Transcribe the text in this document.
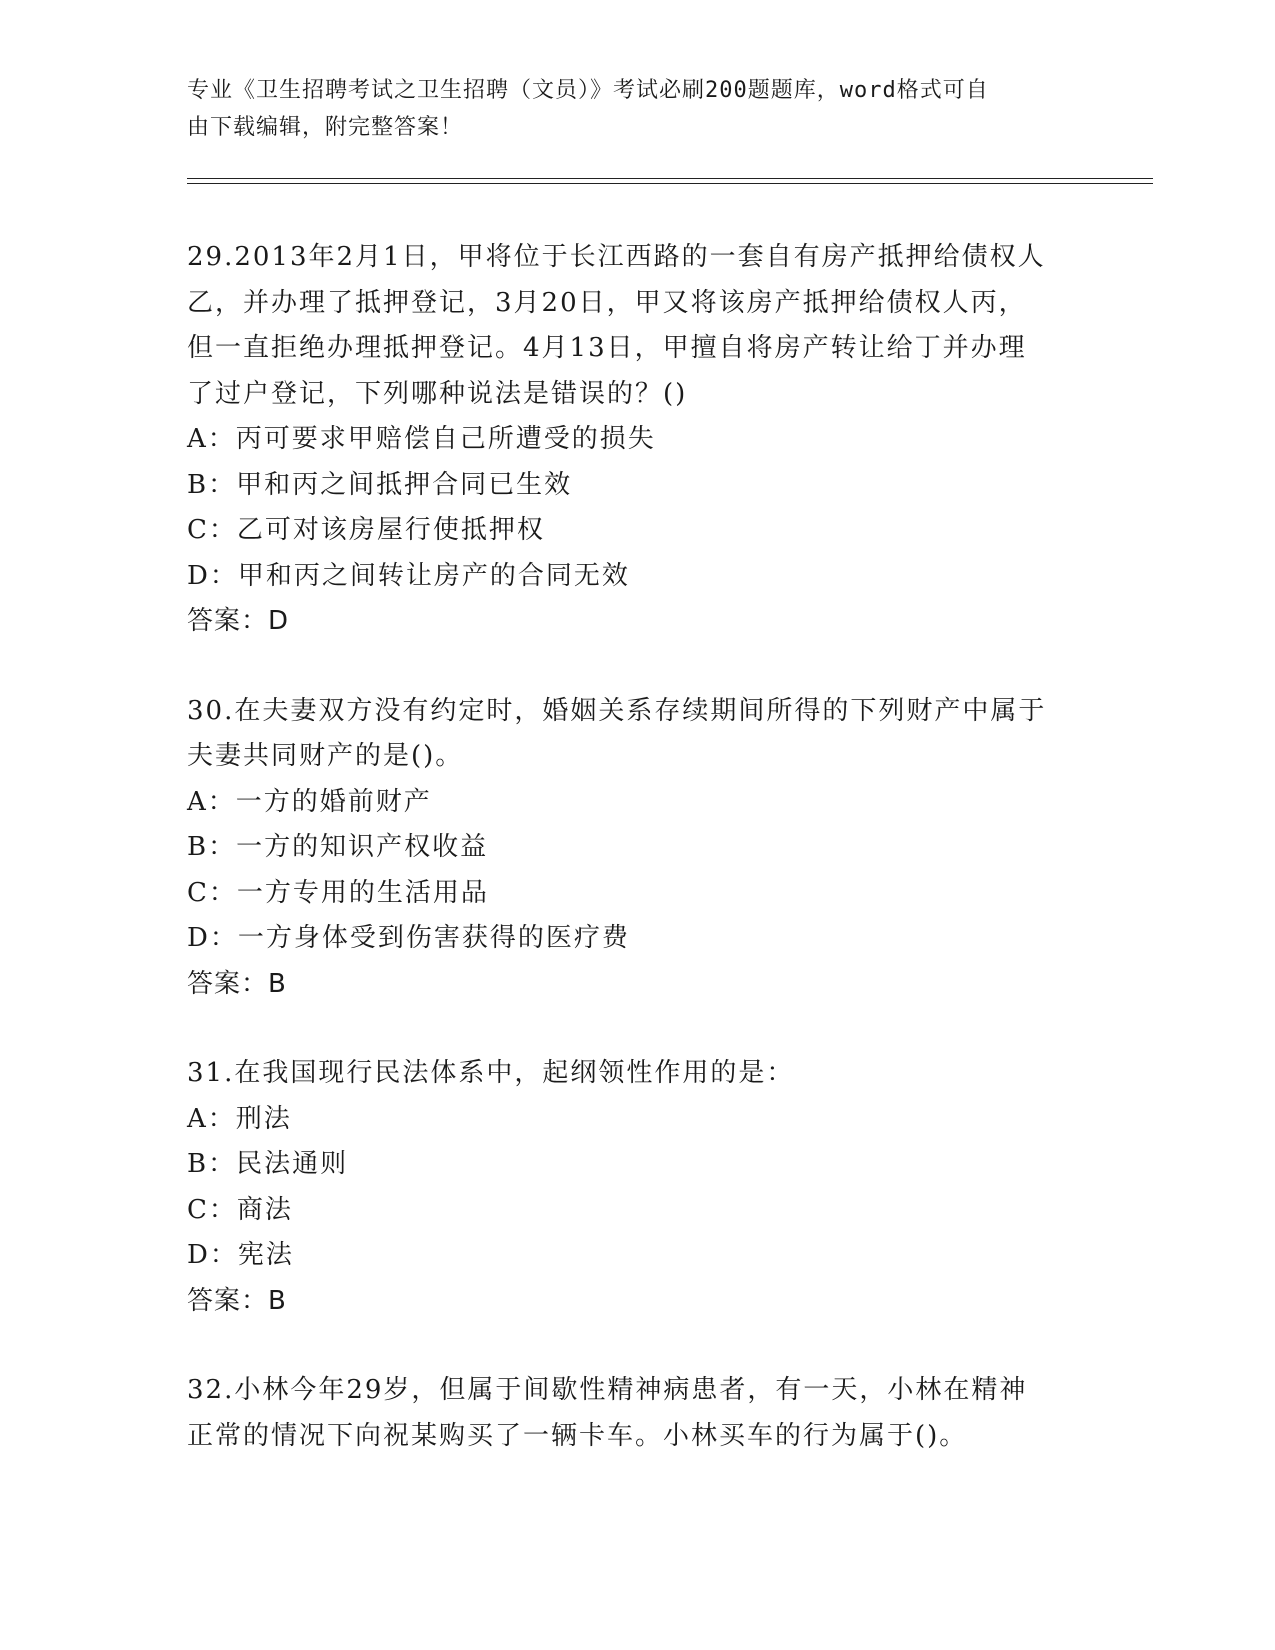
专业《卫生招聘考试之卫生招聘（文员）》考试必刷200题题库，word格式可自
由下载编辑，附完整答案！
29.2013年2月1日，甲将位于长江西路的一套自有房产抵押给债权人
乙，并办理了抵押登记，3月20日，甲又将该房产抵押给债权人丙，
但一直拒绝办理抵押登记。4月13日，甲擅自将房产转让给丁并办理
了过户登记，下列哪种说法是错误的？()
A：丙可要求甲赔偿自己所遭受的损失
B：甲和丙之间抵押合同已生效
C：乙可对该房屋行使抵押权
D：甲和丙之间转让房产的合同无效
答案：D
30.在夫妻双方没有约定时，婚姻关系存续期间所得的下列财产中属于
夫妻共同财产的是()。
A：一方的婚前财产
B：一方的知识产权收益
C：一方专用的生活用品
D：一方身体受到伤害获得的医疗费
答案：B
31.在我国现行民法体系中，起纲领性作用的是：
A：刑法
B：民法通则
C：商法
D：宪法
答案：B
32.小林今年29岁，但属于间歇性精神病患者，有一天，小林在精神
正常的情况下向祝某购买了一辆卡车。小林买车的行为属于()。
